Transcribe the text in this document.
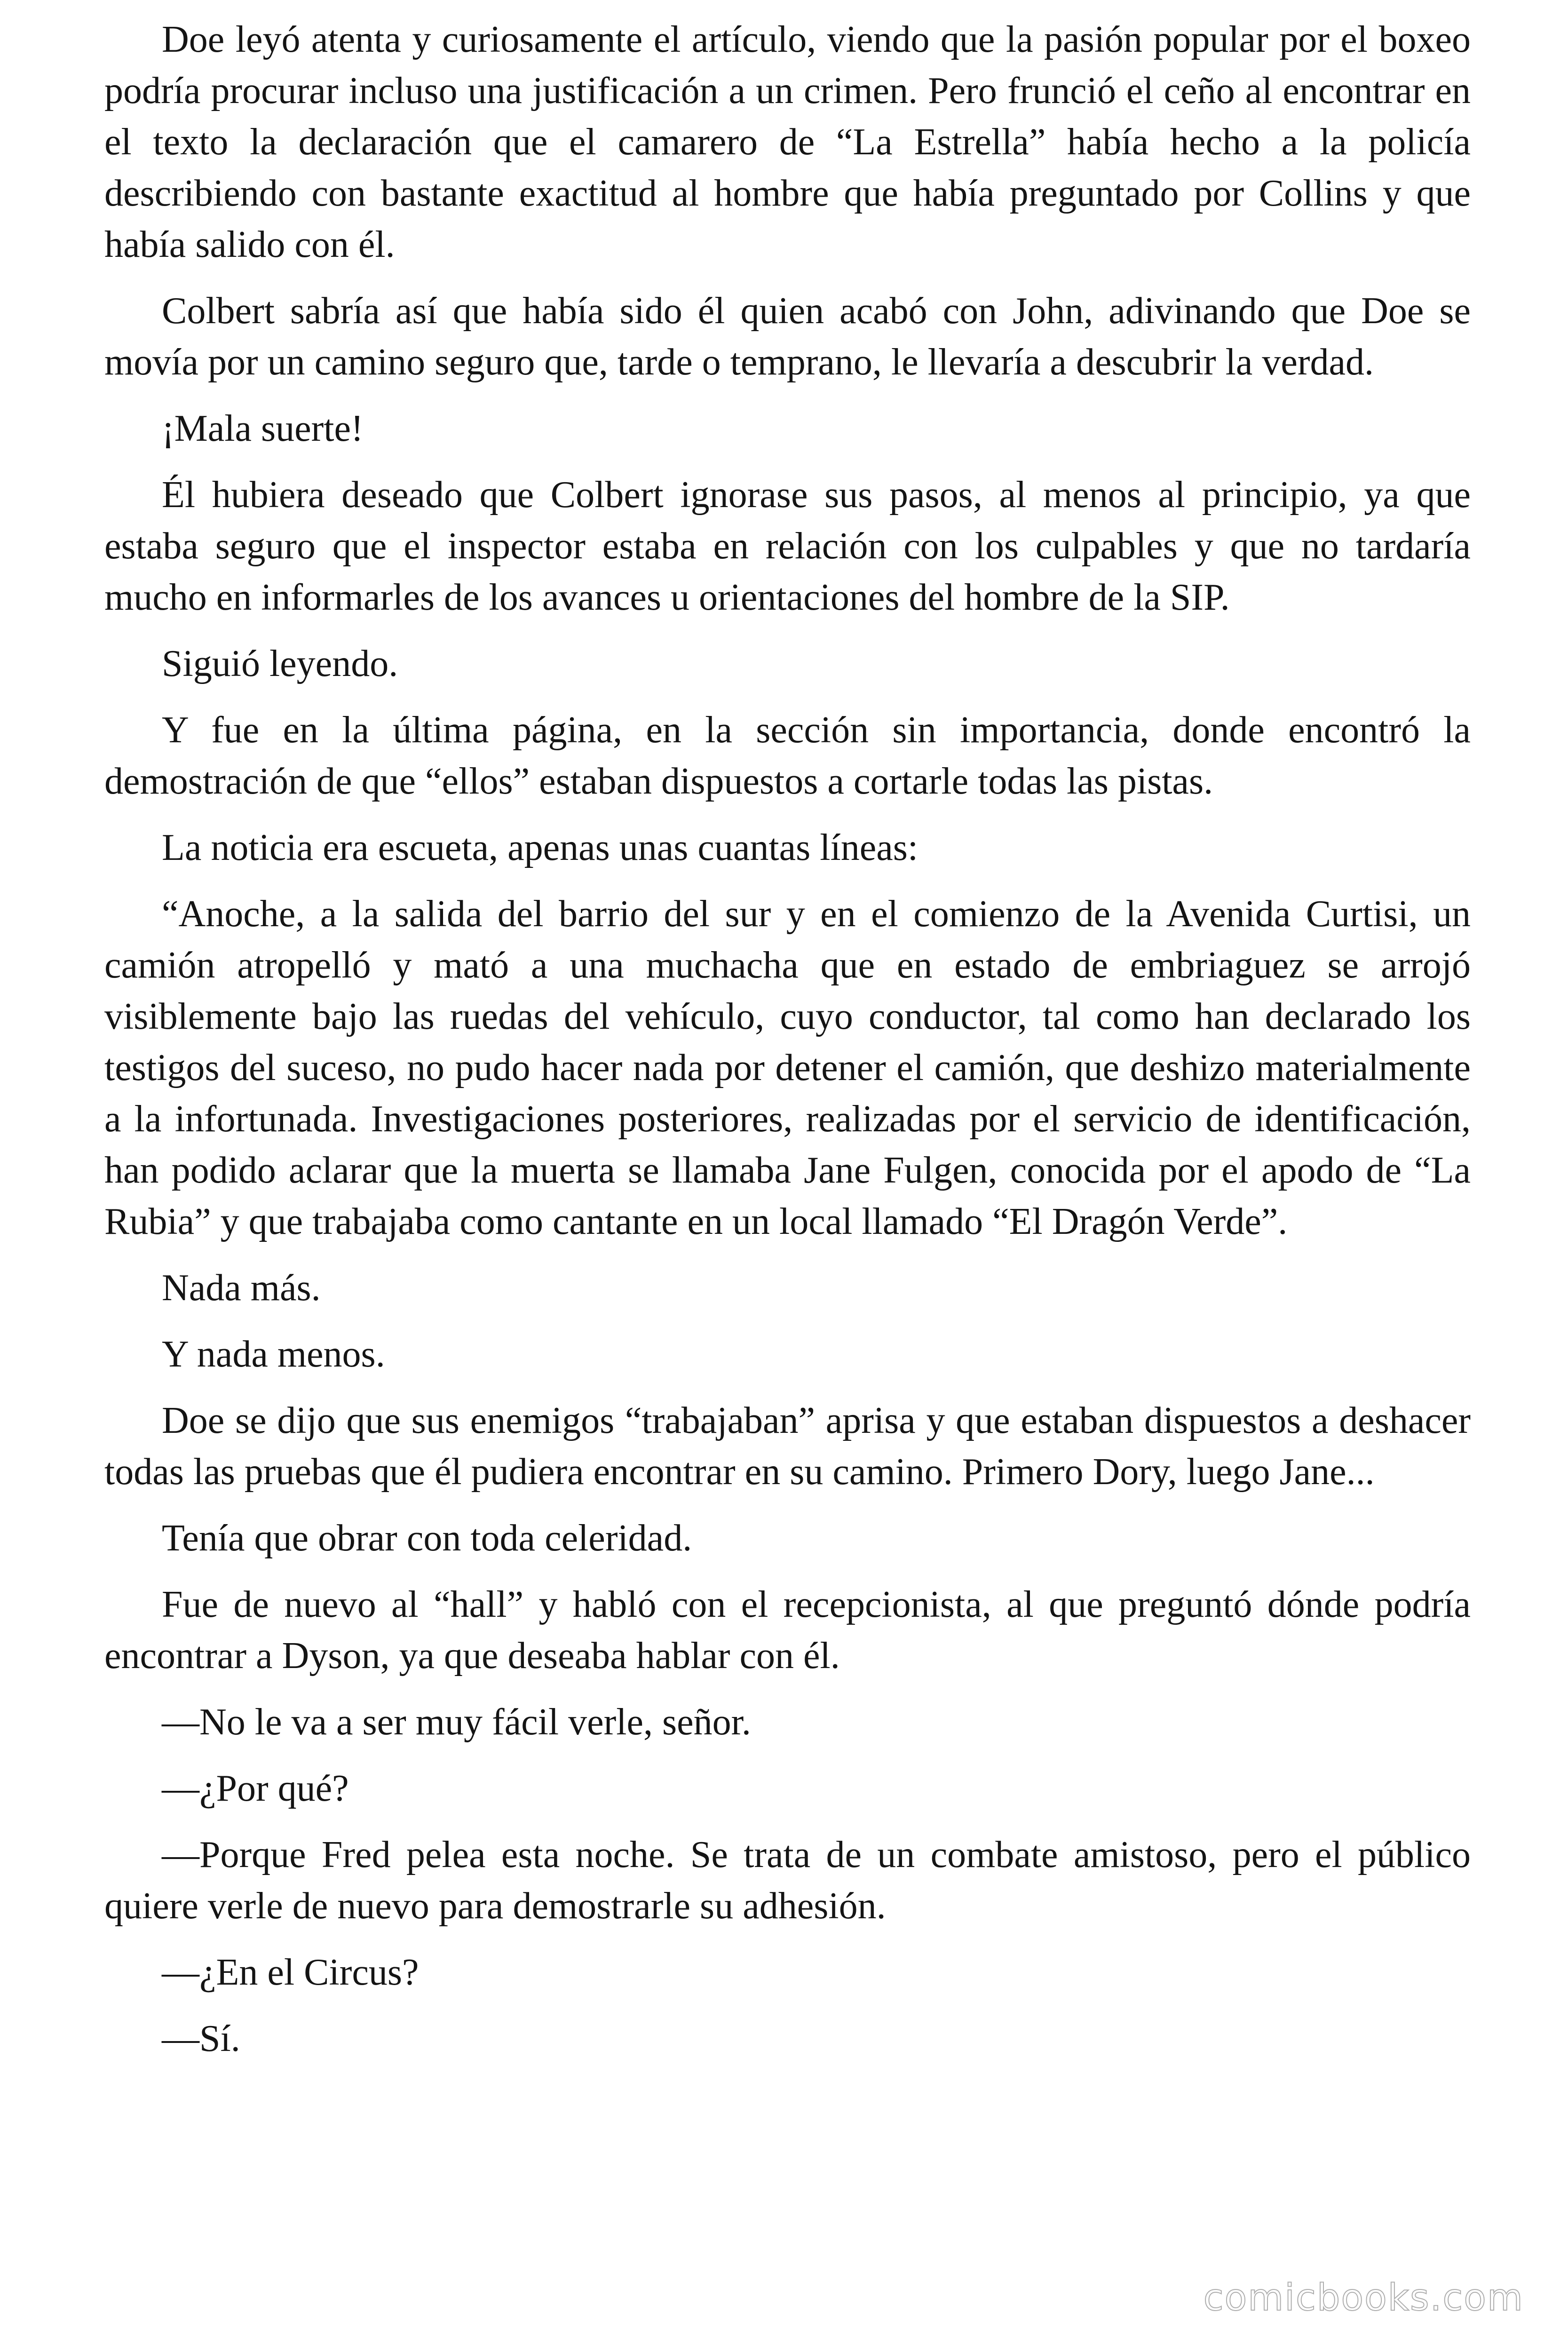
Doe leyó atenta y curiosamente el artículo, viendo que la pasión popular por el boxeo podría procurar incluso una justificación a un crimen. Pero frunció el ceño al encontrar en el texto la declaración que el camarero de “La Estrella” había hecho a la policía describiendo con bastante exactitud al hombre que había preguntado por Collins y que había salido con él.

Colbert sabría así que había sido él quien acabó con John, adivinando que Doe se movía por un camino seguro que, tarde o temprano, le llevaría a descubrir la verdad.

¡Mala suerte!

Él hubiera deseado que Colbert ignorase sus pasos, al menos al principio, ya que estaba seguro que el inspector estaba en relación con los culpables y que no tardaría mucho en informarles de los avances u orientaciones del hombre de la SIP.

Siguió leyendo.

Y fue en la última página, en la sección sin importancia, donde encontró la demostración de que “ellos” estaban dispuestos a cortarle todas las pistas.

La noticia era escueta, apenas unas cuantas líneas:

“Anoche, a la salida del barrio del sur y en el comienzo de la Avenida Curtisi, un camión atropelló y mató a una muchacha que en estado de embriaguez se arrojó visiblemente bajo las ruedas del vehículo, cuyo conductor, tal como han declarado los testigos del suceso, no pudo hacer nada por detener el camión, que deshizo materialmente a la infortunada. Investigaciones posteriores, realizadas por el servicio de identificación, han podido aclarar que la muerta se llamaba Jane Fulgen, conocida por el apodo de “La Rubia” y que trabajaba como cantante en un local llamado “El Dragón Verde”.

Nada más.

Y nada menos.

Doe se dijo que sus enemigos “trabajaban” aprisa y que estaban dispuestos a deshacer todas las pruebas que él pudiera encontrar en su camino. Primero Dory, luego Jane...

Tenía que obrar con toda celeridad.

Fue de nuevo al “hall” y habló con el recepcionista, al que preguntó dónde podría encontrar a Dyson, ya que deseaba hablar con él.

—No le va a ser muy fácil verle, señor.

—¿Por qué?

—Porque Fred pelea esta noche. Se trata de un combate amistoso, pero el público quiere verle de nuevo para demostrarle su adhesión.

—¿En el Circus?

—Sí.

comicbooks.com
